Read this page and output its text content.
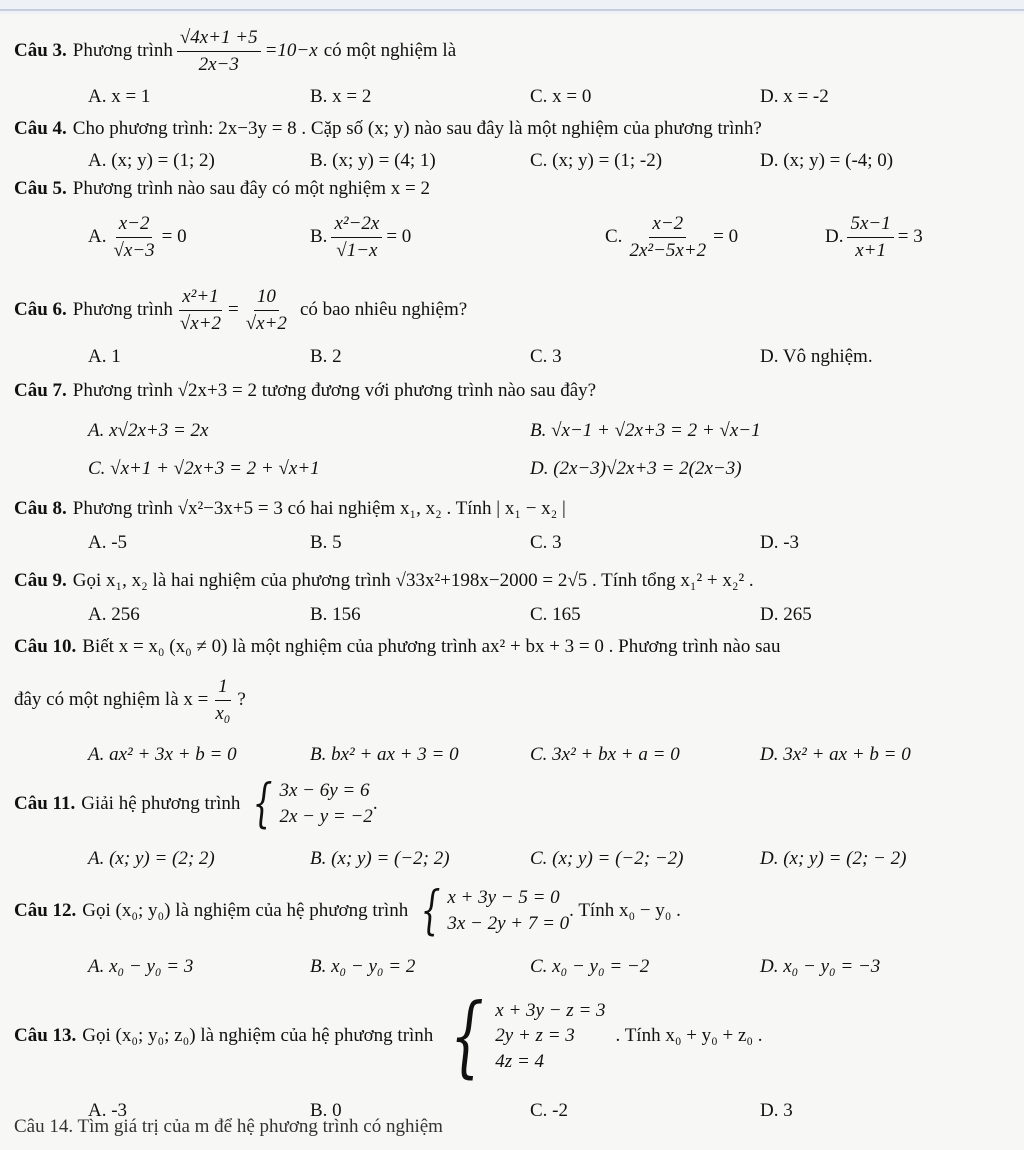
Câu 3. Phương trình $\frac{√4x+1 +5}{2x-3} =10-x$ có một nghiệm là
A. x = 1	B. x = 2	C. x = 0	D. x = -2
Câu 4. Cho phương trình: 2x−3y = 8 . Cặp số (x; y) nào sau đây là một nghiệm của phương trình?
A. (x; y) = (1; 2)	B. (x; y) = (4; 1)	C. (x; y) = (1; -2)	D. (x; y) = (-4; 0)
Câu 5. Phương trình nào sau đây có một nghiệm x = 2
A. $\frac{x-2}{√x-3} = 0$	B. $\frac{\text{x²−2x}}{√1-x} = 0$	C. $\frac{x-2}{\text{2x²−5x+2}} = 0$	D. $\frac{5x-1}{x+1} = 3$
Câu 6. Phương trình $\frac{\text{x²+1}}{√x+2} = \frac{10}{√x+2}$ có bao nhiêu nghiệm?
A. 1	B. 2	C. 3	D. Vô nghiệm.
Câu 7. Phương trình √2x+3 = 2 tương đương với phương trình nào sau đây?
A. x√2x+3 = 2x	B. √x−1 + √2x+3 = 2 + √x−1
C. √x+1 + √2x+3 = 2 + √x+1	D. (2x−3)√2x+3 = 2(2x−3)
Câu 8. Phương trình √x²−3x+5 = 3 có hai nghiệm x₁, x₂ . Tính | x₁ − x₂ |
A. -5	B. 5	C. 3	D. -3
Câu 9. Gọi x₁, x₂ là hai nghiệm của phương trình √33x²+198x−2000 = 2√5 . Tính tổng x₁² + x₂² .
A. 256	B. 156	C. 165	D. 265
Câu 10. Biết x = x₀ (x₀ ≠ 0) là một nghiệm của phương trình ax² + bx + 3 = 0 . Phương trình nào sau
đây có một nghiệm là $x = \frac{1}{\text{x₀}}$ ?
A. ax² + 3x + b = 0	B. bx² + ax + 3 = 0	C. 3x² + bx + a = 0	D. 3x² + ax + b = 0
Câu 11. Giải hệ phương trình { 3x − 6y = 6
2x − y = −2
.
A. (x; y) = (2; 2)	B. (x; y) = (−2; 2)	C. (x; y) = (−2; −2)	D. (x; y) = (2; − 2)
Câu 12. Gọi (x₀; y₀) là nghiệm của hệ phương trình { x + 3y − 5 = 0
3x − 2y + 7 = 0
. Tính x₀ − y₀ .
A. x₀ − y₀ = 3	B. x₀ − y₀ = 2	C. x₀ − y₀ = −2	D. x₀ − y₀ = −3
Câu 13. Gọi (x₀; y₀; z₀) là nghiệm của hệ phương trình { x + 3y − z = 3
2y + z = 3
4z = 4
. Tính x₀ + y₀ + z₀ .
A. -3	B. 0	C. -2	D. 3
Câu 14. Tìm giá trị của m để hệ phương trình có nghiệm
